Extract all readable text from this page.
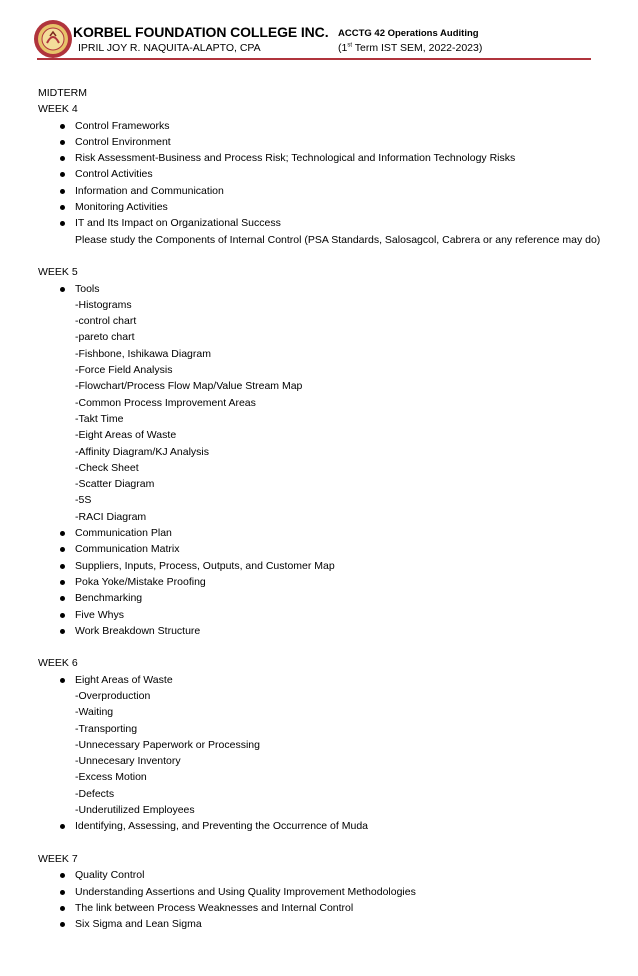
KORBEL FOUNDATION COLLEGE INC.
IPRIL JOY R. NAQUITA-ALAPTO, CPA
ACCTG 42 Operations Auditing
(1st Term IST SEM, 2022-2023)
MIDTERM
WEEK 4
Control Frameworks
Control Environment
Risk Assessment-Business and Process Risk; Technological and Information Technology Risks
Control Activities
Information and Communication
Monitoring Activities
IT and Its Impact on Organizational Success
Please study the Components of Internal Control (PSA Standards, Salosagcol, Cabrera or any reference may do)
WEEK 5
Tools
-Histograms
-control chart
-pareto chart
-Fishbone, Ishikawa Diagram
-Force Field Analysis
-Flowchart/Process Flow Map/Value Stream Map
-Common Process Improvement Areas
-Takt Time
-Eight Areas of Waste
-Affinity Diagram/KJ Analysis
-Check Sheet
-Scatter Diagram
-5S
-RACI Diagram
Communication Plan
Communication Matrix
Suppliers, Inputs, Process, Outputs, and Customer Map
Poka Yoke/Mistake Proofing
Benchmarking
Five Whys
Work Breakdown Structure
WEEK 6
Eight Areas of Waste
-Overproduction
-Waiting
-Transporting
-Unnecessary Paperwork or Processing
-Unnecesary Inventory
-Excess Motion
-Defects
-Underutilized Employees
Identifying, Assessing, and Preventing the Occurrence of Muda
WEEK 7
Quality Control
Understanding Assertions and Using Quality Improvement Methodologies
The link between Process Weaknesses and Internal Control
Six Sigma and Lean Sigma
